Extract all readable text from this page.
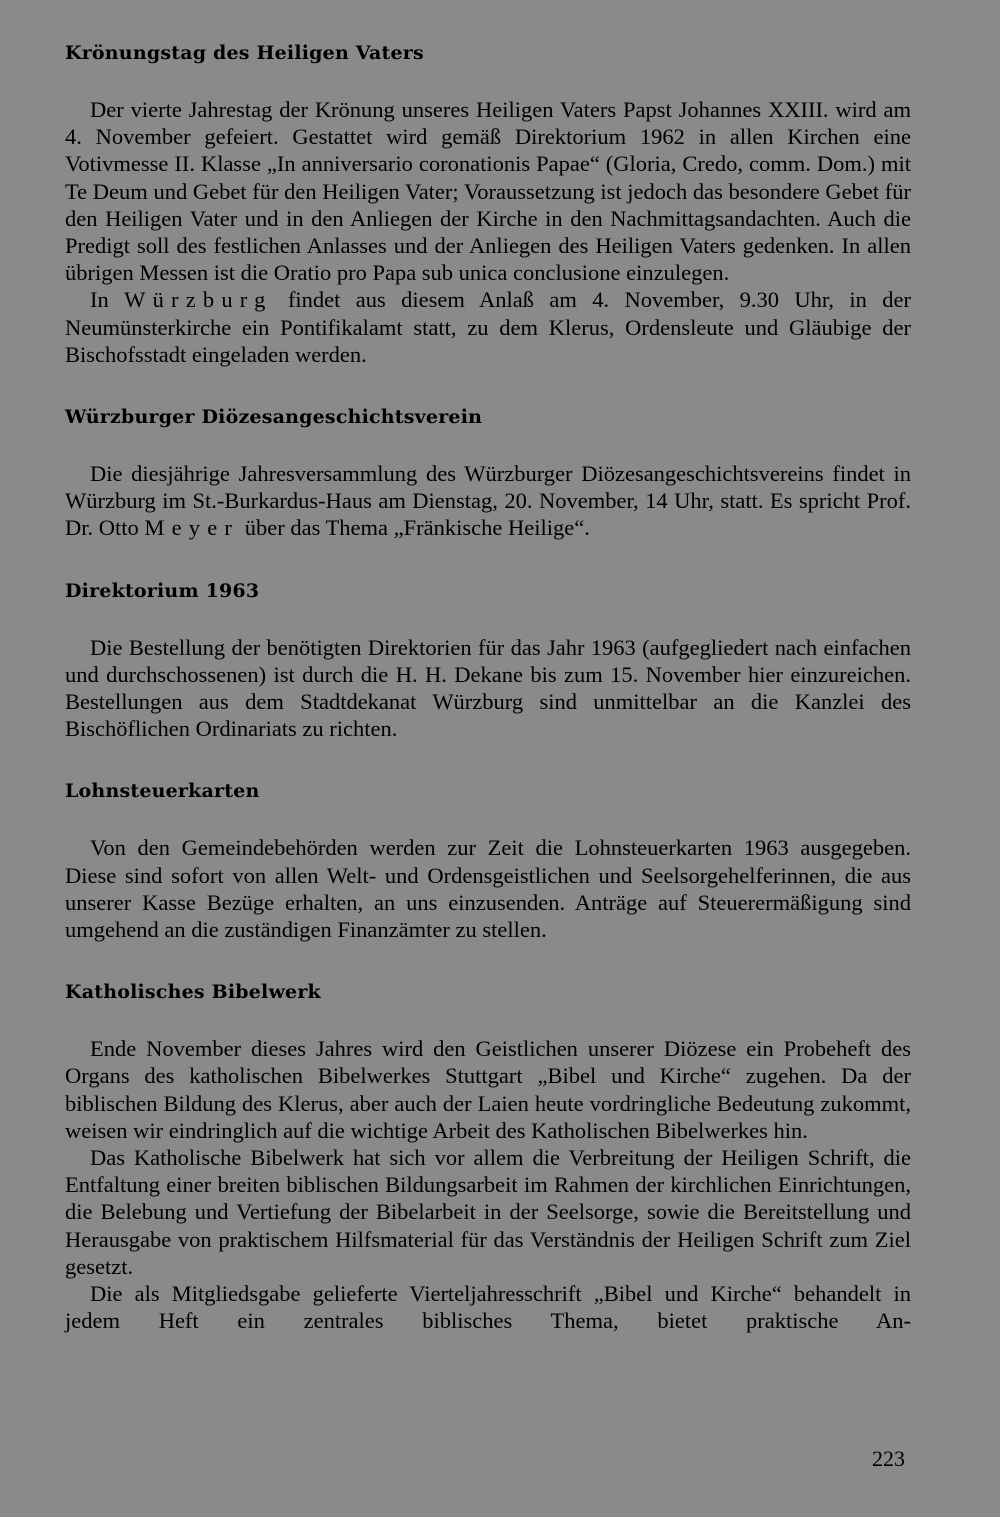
Krönungstag des Heiligen Vaters

Der vierte Jahrestag der Krönung unseres Heiligen Vaters Papst Johannes XXIII. wird am 4. November gefeiert. Gestattet wird gemäß Direktorium 1962 in allen Kirchen eine Votivmesse II. Klasse „In anniversario coronationis Papae“ (Gloria, Credo, comm. Dom.) mit Te Deum und Gebet für den Heiligen Vater; Voraussetzung ist jedoch das besondere Gebet für den Heiligen Vater und in den Anliegen der Kirche in den Nachmittagsandachten. Auch die Predigt soll des festlichen Anlasses und der Anliegen des Heiligen Vaters gedenken. In allen übrigen Messen ist die Oratio pro Papa sub unica conclusione einzulegen.

In Würzburg findet aus diesem Anlaß am 4. November, 9.30 Uhr, in der Neumünsterkirche ein Pontifikalamt statt, zu dem Klerus, Ordensleute und Gläubige der Bischofsstadt eingeladen werden.

Würzburger Diözesangeschichtsverein

Die diesjährige Jahresversammlung des Würzburger Diözesangeschichtsvereins findet in Würzburg im St.-Burkardus-Haus am Dienstag, 20. November, 14 Uhr, statt. Es spricht Prof. Dr. Otto Meyer über das Thema „Fränkische Heilige“.

Direktorium 1963

Die Bestellung der benötigten Direktorien für das Jahr 1963 (aufgegliedert nach einfachen und durchschossenen) ist durch die H. H. Dekane bis zum 15. November hier einzureichen. Bestellungen aus dem Stadtdekanat Würzburg sind unmittelbar an die Kanzlei des Bischöflichen Ordinariats zu richten.

Lohnsteuerkarten

Von den Gemeindebehörden werden zur Zeit die Lohnsteuerkarten 1963 ausgegeben. Diese sind sofort von allen Welt- und Ordensgeistlichen und Seelsorgehelferinnen, die aus unserer Kasse Bezüge erhalten, an uns einzusenden. Anträge auf Steuerermäßigung sind umgehend an die zuständigen Finanzämter zu stellen.

Katholisches Bibelwerk

Ende November dieses Jahres wird den Geistlichen unserer Diözese ein Probeheft des Organs des katholischen Bibelwerkes Stuttgart „Bibel und Kirche“ zugehen. Da der biblischen Bildung des Klerus, aber auch der Laien heute vordringliche Bedeutung zukommt, weisen wir eindringlich auf die wichtige Arbeit des Katholischen Bibelwerkes hin.

Das Katholische Bibelwerk hat sich vor allem die Verbreitung der Heiligen Schrift, die Entfaltung einer breiten biblischen Bildungsarbeit im Rahmen der kirchlichen Einrichtungen, die Belebung und Vertiefung der Bibelarbeit in der Seelsorge, sowie die Bereitstellung und Herausgabe von praktischem Hilfsmaterial für das Verständnis der Heiligen Schrift zum Ziel gesetzt.

Die als Mitgliedsgabe gelieferte Vierteljahresschrift „Bibel und Kirche“ behandelt in jedem Heft ein zentrales biblisches Thema, bietet praktische An-

223
